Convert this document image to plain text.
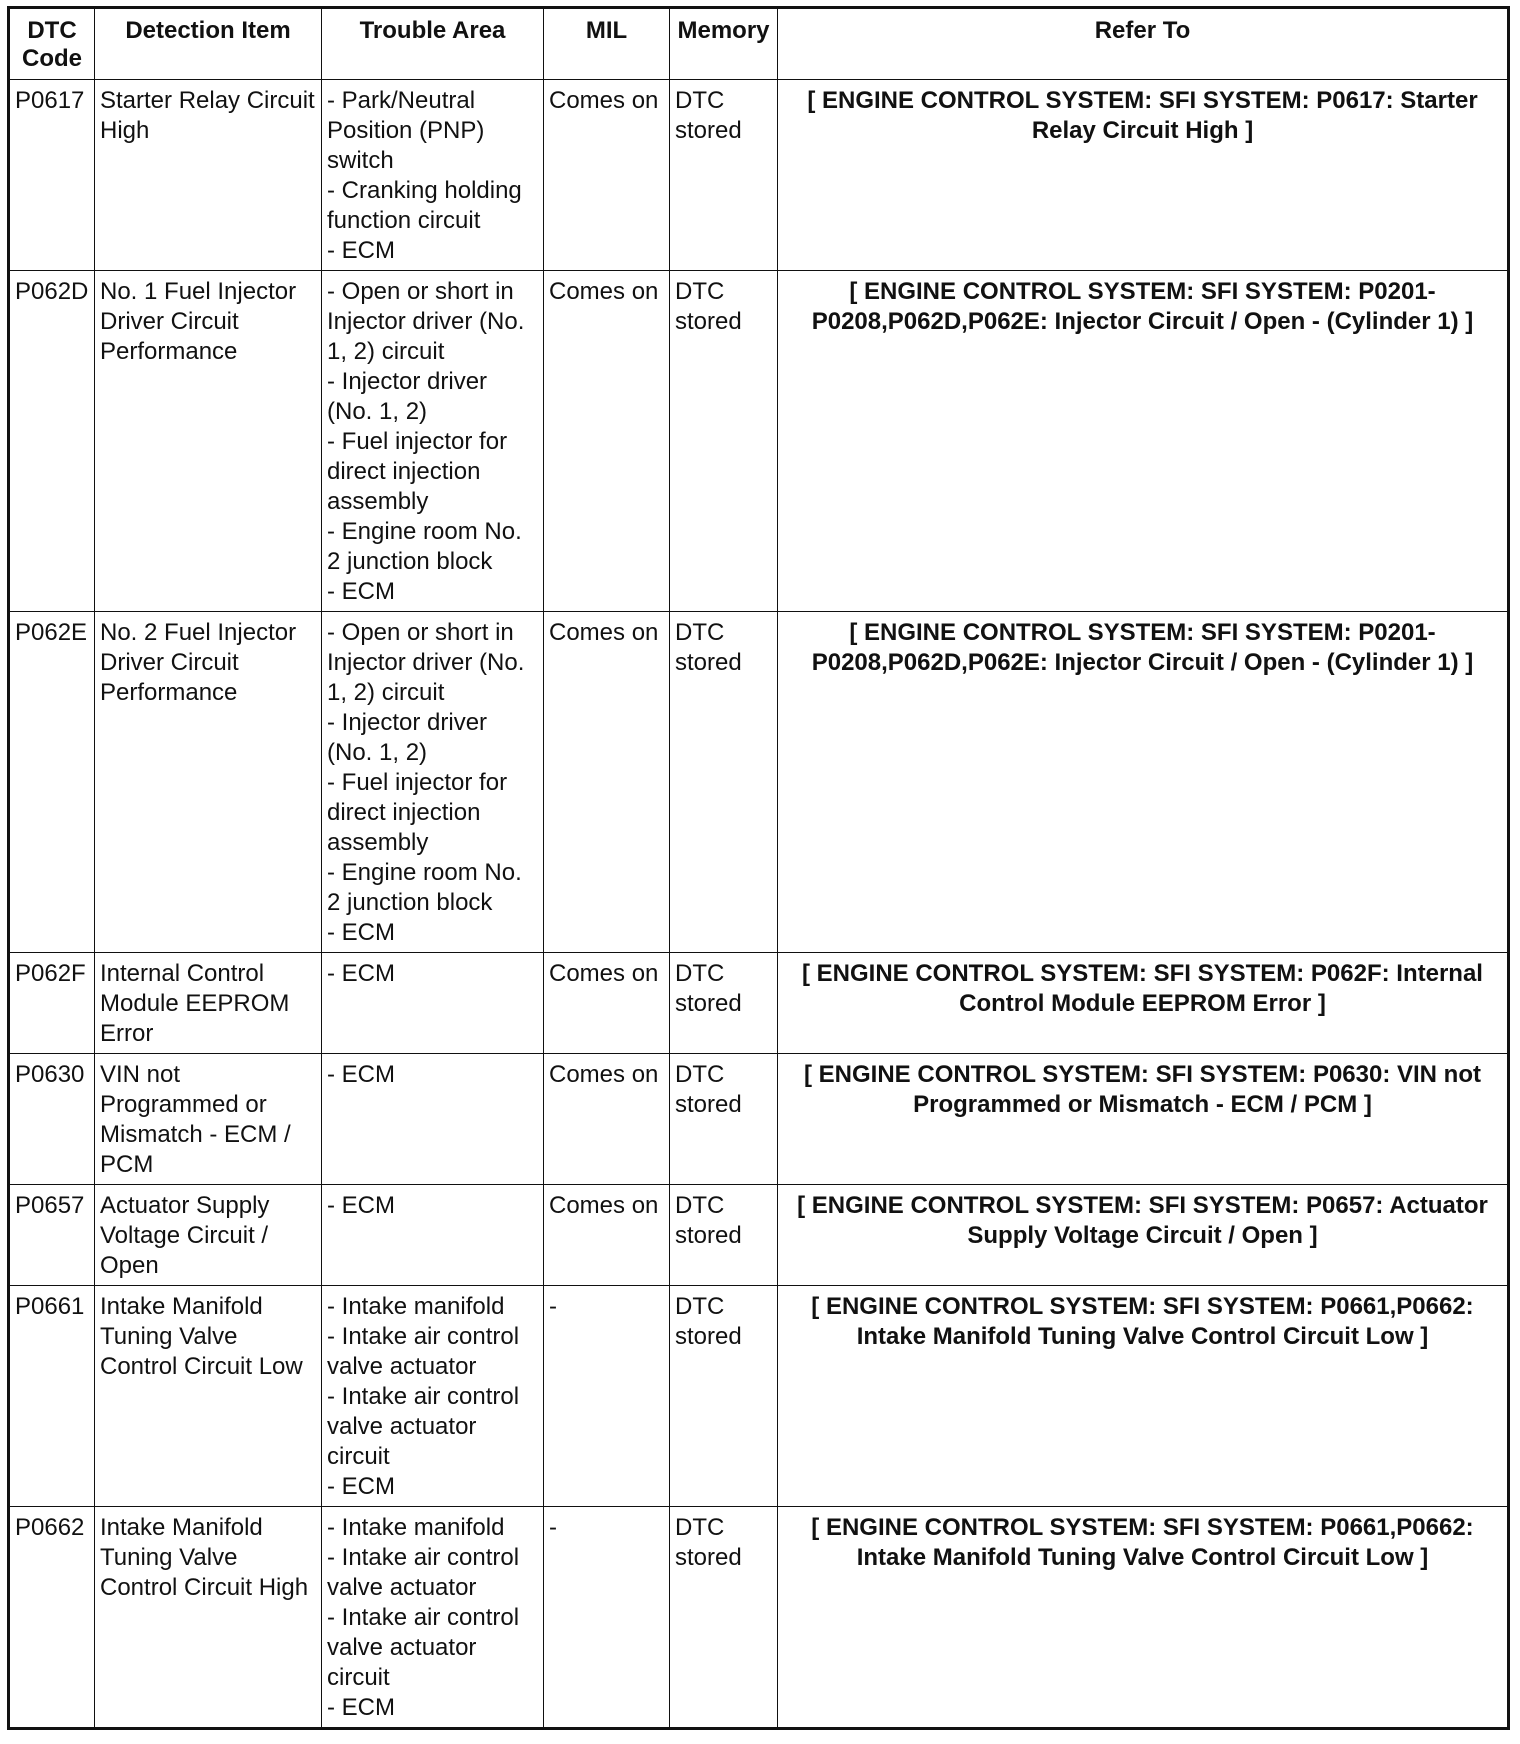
DTC Code	Detection Item	Trouble Area	MIL	Memory	Refer To
P0617	Starter Relay Circuit High	- Park/Neutral Position (PNP) switch
- Cranking holding function circuit
- ECM	Comes on	DTC stored	[ ENGINE CONTROL SYSTEM: SFI SYSTEM: P0617: Starter Relay Circuit High ]
P062D	No. 1 Fuel Injector Driver Circuit Performance	- Open or short in Injector driver (No. 1, 2) circuit
- Injector driver (No. 1, 2)
- Fuel injector for direct injection assembly
- Engine room No. 2 junction block
- ECM	Comes on	DTC stored	[ ENGINE CONTROL SYSTEM: SFI SYSTEM: P0201-P0208,P062D,P062E: Injector Circuit / Open - (Cylinder 1) ]
P062E	No. 2 Fuel Injector Driver Circuit Performance	- Open or short in Injector driver (No. 1, 2) circuit
- Injector driver (No. 1, 2)
- Fuel injector for direct injection assembly
- Engine room No. 2 junction block
- ECM	Comes on	DTC stored	[ ENGINE CONTROL SYSTEM: SFI SYSTEM: P0201-P0208,P062D,P062E: Injector Circuit / Open - (Cylinder 1) ]
P062F	Internal Control Module EEPROM Error	- ECM	Comes on	DTC stored	[ ENGINE CONTROL SYSTEM: SFI SYSTEM: P062F: Internal Control Module EEPROM Error ]
P0630	VIN not Programmed or Mismatch - ECM / PCM	- ECM	Comes on	DTC stored	[ ENGINE CONTROL SYSTEM: SFI SYSTEM: P0630: VIN not Programmed or Mismatch - ECM / PCM ]
P0657	Actuator Supply Voltage Circuit / Open	- ECM	Comes on	DTC stored	[ ENGINE CONTROL SYSTEM: SFI SYSTEM: P0657: Actuator Supply Voltage Circuit / Open ]
P0661	Intake Manifold Tuning Valve Control Circuit Low	- Intake manifold
- Intake air control valve actuator
- Intake air control valve actuator circuit
- ECM	-	DTC stored	[ ENGINE CONTROL SYSTEM: SFI SYSTEM: P0661,P0662: Intake Manifold Tuning Valve Control Circuit Low ]
P0662	Intake Manifold Tuning Valve Control Circuit High	- Intake manifold
- Intake air control valve actuator
- Intake air control valve actuator circuit
- ECM	-	DTC stored	[ ENGINE CONTROL SYSTEM: SFI SYSTEM: P0661,P0662: Intake Manifold Tuning Valve Control Circuit Low ]
